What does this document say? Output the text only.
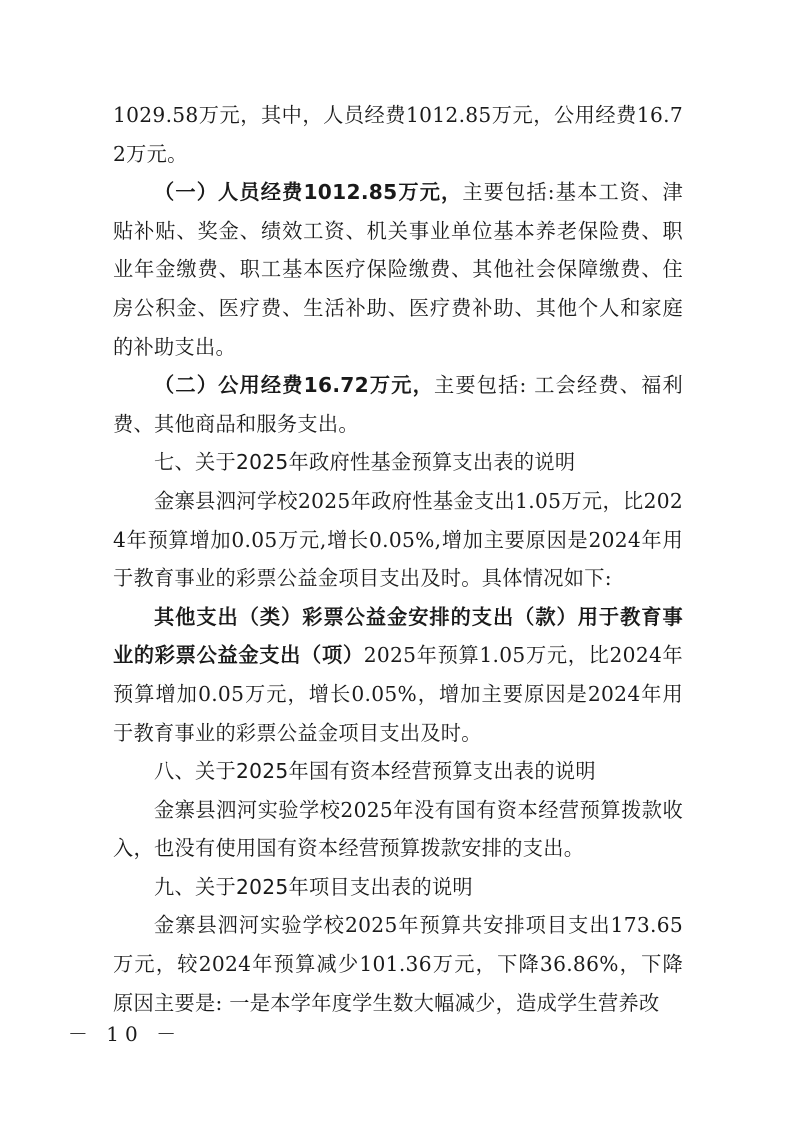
1029.58万元，其中，人员经费1012.85万元，公用经费16.72万元。

（一）人员经费1012.85万元，主要包括:基本工资、津贴补贴、奖金、绩效工资、机关事业单位基本养老保险费、职业年金缴费、职工基本医疗保险缴费、其他社会保障缴费、住房公积金、医疗费、生活补助、医疗费补助、其他个人和家庭的补助支出。

（二）公用经费16.72万元，主要包括: 工会经费、福利费、其他商品和服务支出。

七、关于2025年政府性基金预算支出表的说明

金寨县泗河学校2025年政府性基金支出1.05万元，比2024年预算增加0.05万元,增长0.05%,增加主要原因是2024年用于教育事业的彩票公益金项目支出及时。具体情况如下:

其他支出（类）彩票公益金安排的支出（款）用于教育事业的彩票公益金支出（项）2025年预算1.05万元，比2024年预算增加0.05万元，增长0.05%，增加主要原因是2024年用于教育事业的彩票公益金项目支出及时。

八、关于2025年国有资本经营预算支出表的说明

金寨县泗河实验学校2025年没有国有资本经营预算拨款收入，也没有使用国有资本经营预算拨款安排的支出。

九、关于2025年项目支出表的说明

金寨县泗河实验学校2025年预算共安排项目支出173.65万元，较2024年预算减少101.36万元，下降36.86%，下降原因主要是: 一是本学年度学生数大幅减少，造成学生营养改

－ 10 －
